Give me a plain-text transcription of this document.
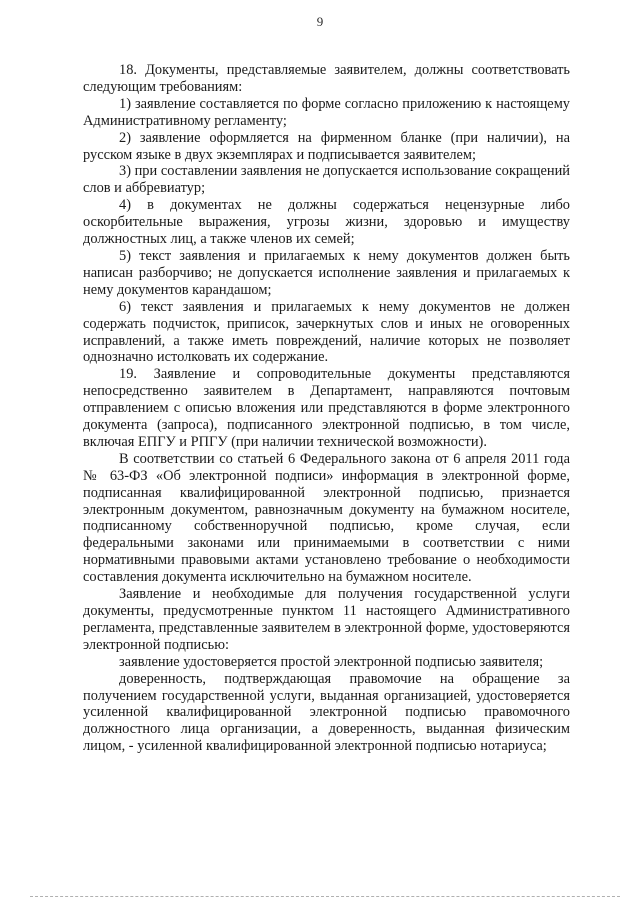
9

18. Документы, представляемые заявителем, должны соответствовать следующим требованиям:

1) заявление составляется по форме согласно приложению к настоящему Административному регламенту;

2) заявление оформляется на фирменном бланке (при наличии), на русском языке в двух экземплярах и подписывается заявителем;

3) при составлении заявления не допускается использование сокращений слов и аббревиатур;

4) в документах не должны содержаться нецензурные либо оскорбительные выражения, угрозы жизни, здоровью и имуществу должностных лиц, а также членов их семей;

5) текст заявления и прилагаемых к нему документов должен быть написан разборчиво; не допускается исполнение заявления и прилагаемых к нему документов карандашом;

6) текст заявления и прилагаемых к нему документов не должен содержать подчисток, приписок, зачеркнутых слов и иных не оговоренных исправлений, а также иметь повреждений, наличие которых не позволяет однозначно истолковать их содержание.

19. Заявление и сопроводительные документы представляются непосредственно заявителем в Департамент, направляются почтовым отправлением с описью вложения или представляются в форме электронного документа (запроса), подписанного электронной подписью, в том числе, включая ЕПГУ и РПГУ (при наличии технической возможности).

В соответствии со статьей 6 Федерального закона от 6 апреля 2011 года № 63-ФЗ «Об электронной подписи» информация в электронной форме, подписанная квалифицированной электронной подписью, признается электронным документом, равнозначным документу на бумажном носителе, подписанному собственноручной подписью, кроме случая, если федеральными законами или принимаемыми в соответствии с ними нормативными правовыми актами установлено требование о необходимости составления документа исключительно на бумажном носителе.

Заявление и необходимые для получения государственной услуги документы, предусмотренные пунктом 11 настоящего Административного регламента, представленные заявителем в электронной форме, удостоверяются электронной подписью:

заявление удостоверяется простой электронной подписью заявителя;

доверенность, подтверждающая правомочие на обращение за получением государственной услуги, выданная организацией, удостоверяется усиленной квалифицированной электронной подписью правомочного должностного лица организации, а доверенность, выданная физическим лицом, - усиленной квалифицированной электронной подписью нотариуса;
